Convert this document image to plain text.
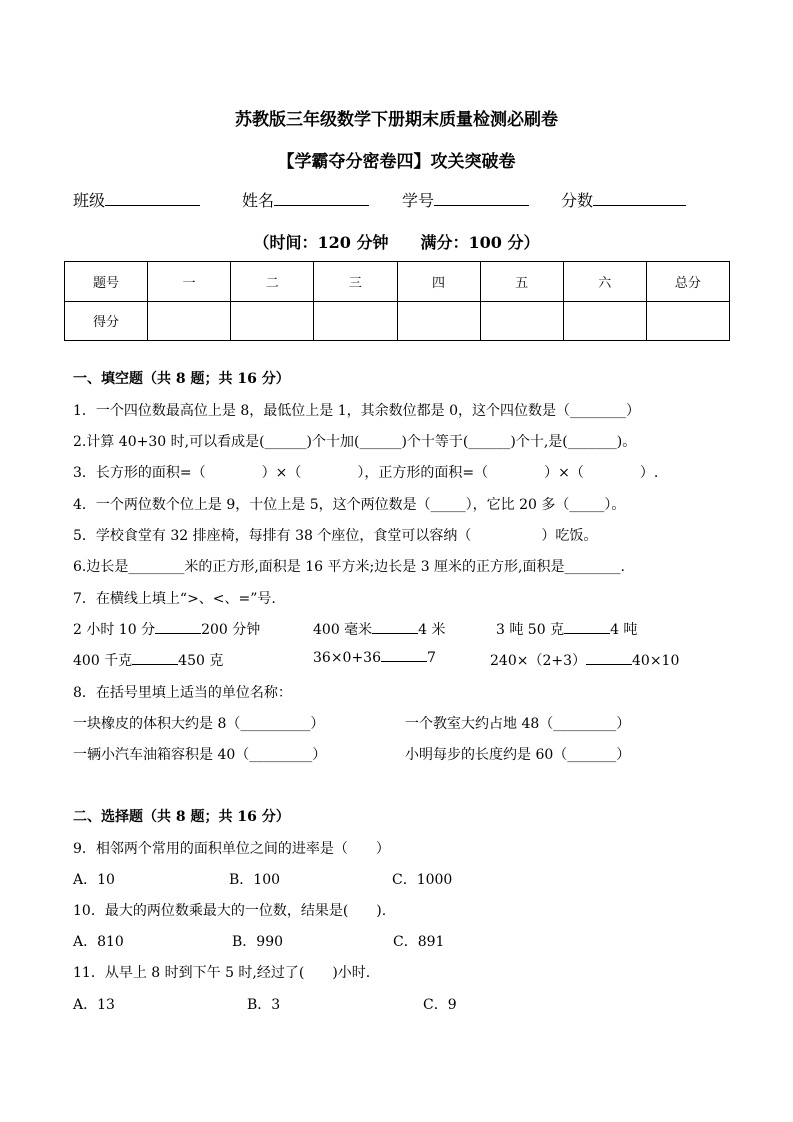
苏教版三年级数学下册期末质量检测必刷卷
【学霸夺分密卷四】攻关突破卷
班级	姓名	学号	分数
（时间：120 分钟　　满分：100 分）
题号	一	二	三	四	五	六	总分
得分							
一、填空题（共 8 题；共 16 分）
1．一个四位数最高位上是 8，最低位上是 1，其余数位都是 0，这个四位数是（________）
2.计算 40+30 时,可以看成是(______)个十加(______)个十等于(______)个十,是(_______)。
3．长方形的面积=（　　　　）×（　　　　），正方形的面积=（　　　　）×（　　　　）.
4．一个两位数个位上是 9，十位上是 5，这个两位数是（_____），它比 20 多（_____）。
5．学校食堂有 32 排座椅，每排有 38 个座位，食堂可以容纳（　　　　　）吃饭。
6.边长是________米的正方形,面积是 16 平方米;边长是 3 厘米的正方形,面积是________.
7．在横线上填上“>、<、=”号.
2 小时 10 分	200 分钟	400 毫米	4 米	3 吨 50 克	4 吨
400 千克	450 克	36×0+36	7	240×（2+3）	40×10
8．在括号里填上适当的单位名称：
一块橡皮的体积大约是 8（__________）	一个教室大约占地 48（_________）
一辆小汽车油箱容积是 40（_________）	小明每步的长度约是 60（_______）
二、选择题（共 8 题；共 16 分）
9．相邻两个常用的面积单位之间的进率是（　　）
A．10	B．100	C．1000
10．最大的两位数乘最大的一位数，结果是(　　).
A．810	B．990	C．891
11．从早上 8 时到下午 5 时,经过了(　　)小时.
A．13	B．3	C．9
